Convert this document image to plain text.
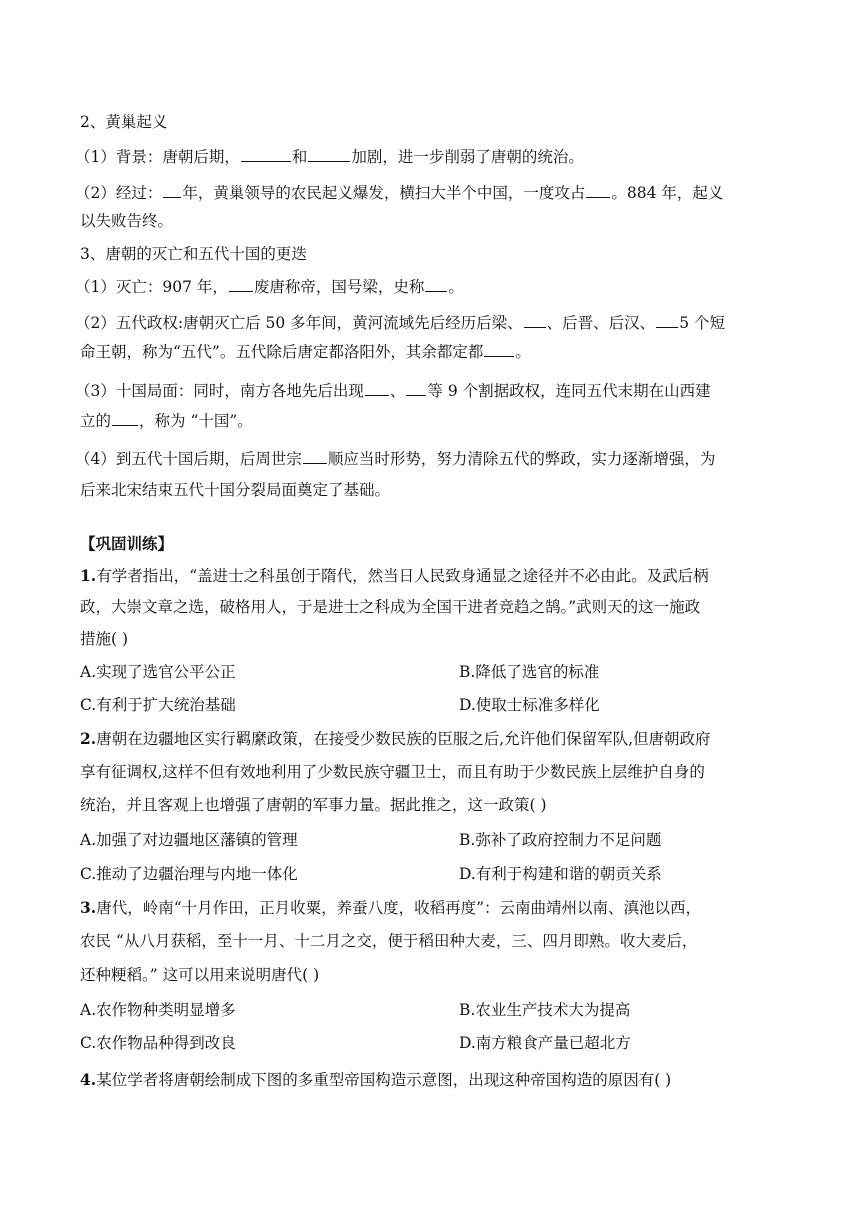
2、黄巢起义
（1）背景：唐朝后期，	和	加剧，进一步削弱了唐朝的统治。
（2）经过： 年，黄巢领导的农民起义爆发，横扫大半个中国，一度攻占 。884 年，起义
以失败告终。
3、唐朝的灭亡和五代十国的更迭
（1）灭亡：907 年， 废唐称帝，国号梁，史称 。
（2）五代政权:唐朝灭亡后 50 多年间，黄河流域先后经历后梁、 、后晋、后汉、 5 个短
命王朝，称为“五代”。五代除后唐定都洛阳外，其余都定都 。
（3）十国局面：同时，南方各地先后出现 、 等 9 个割据政权，连同五代末期在山西建
立的 ，称为 “十国”。
（4）到五代十国后期，后周世宗 顺应当时形势，努力清除五代的弊政，实力逐渐增强，为
后来北宋结束五代十国分裂局面奠定了基础。
【巩固训练】
1.有学者指出，“盖进士之科虽创于隋代，然当日人民致身通显之途径并不必由此。及武后柄
政，大崇文章之选，破格用人，于是进士之科成为全国干进者竞趋之鹄。”武则天的这一施政
措施( )
A.实现了选官公平公正	B.降低了选官的标准
C.有利于扩大统治基础	D.使取士标准多样化
2.唐朝在边疆地区实行羁縻政策，在接受少数民族的臣服之后,允许他们保留军队,但唐朝政府
享有征调权,这样不但有效地利用了少数民族守疆卫士，而且有助于少数民族上层维护自身的
统治，并且客观上也增强了唐朝的军事力量。据此推之，这一政策( )
A.加强了对边疆地区藩镇的管理	B.弥补了政府控制力不足问题
C.推动了边疆治理与内地一体化	D.有利于构建和谐的朝贡关系
3.唐代，岭南“十月作田，正月收粟，养蚕八度，收稻再度”：云南曲靖州以南、滇池以西，
农民 “从八月获稻，至十一月、十二月之交，便于稻田种大麦，三、四月即熟。收大麦后，
还种粳稻。” 这可以用来说明唐代( )
A.农作物种类明显增多	B.农业生产技术大为提高
C.农作物品种得到改良	D.南方粮食产量已超北方
4.某位学者将唐朝绘制成下图的多重型帝国构造示意图，出现这种帝国构造的原因有( )
